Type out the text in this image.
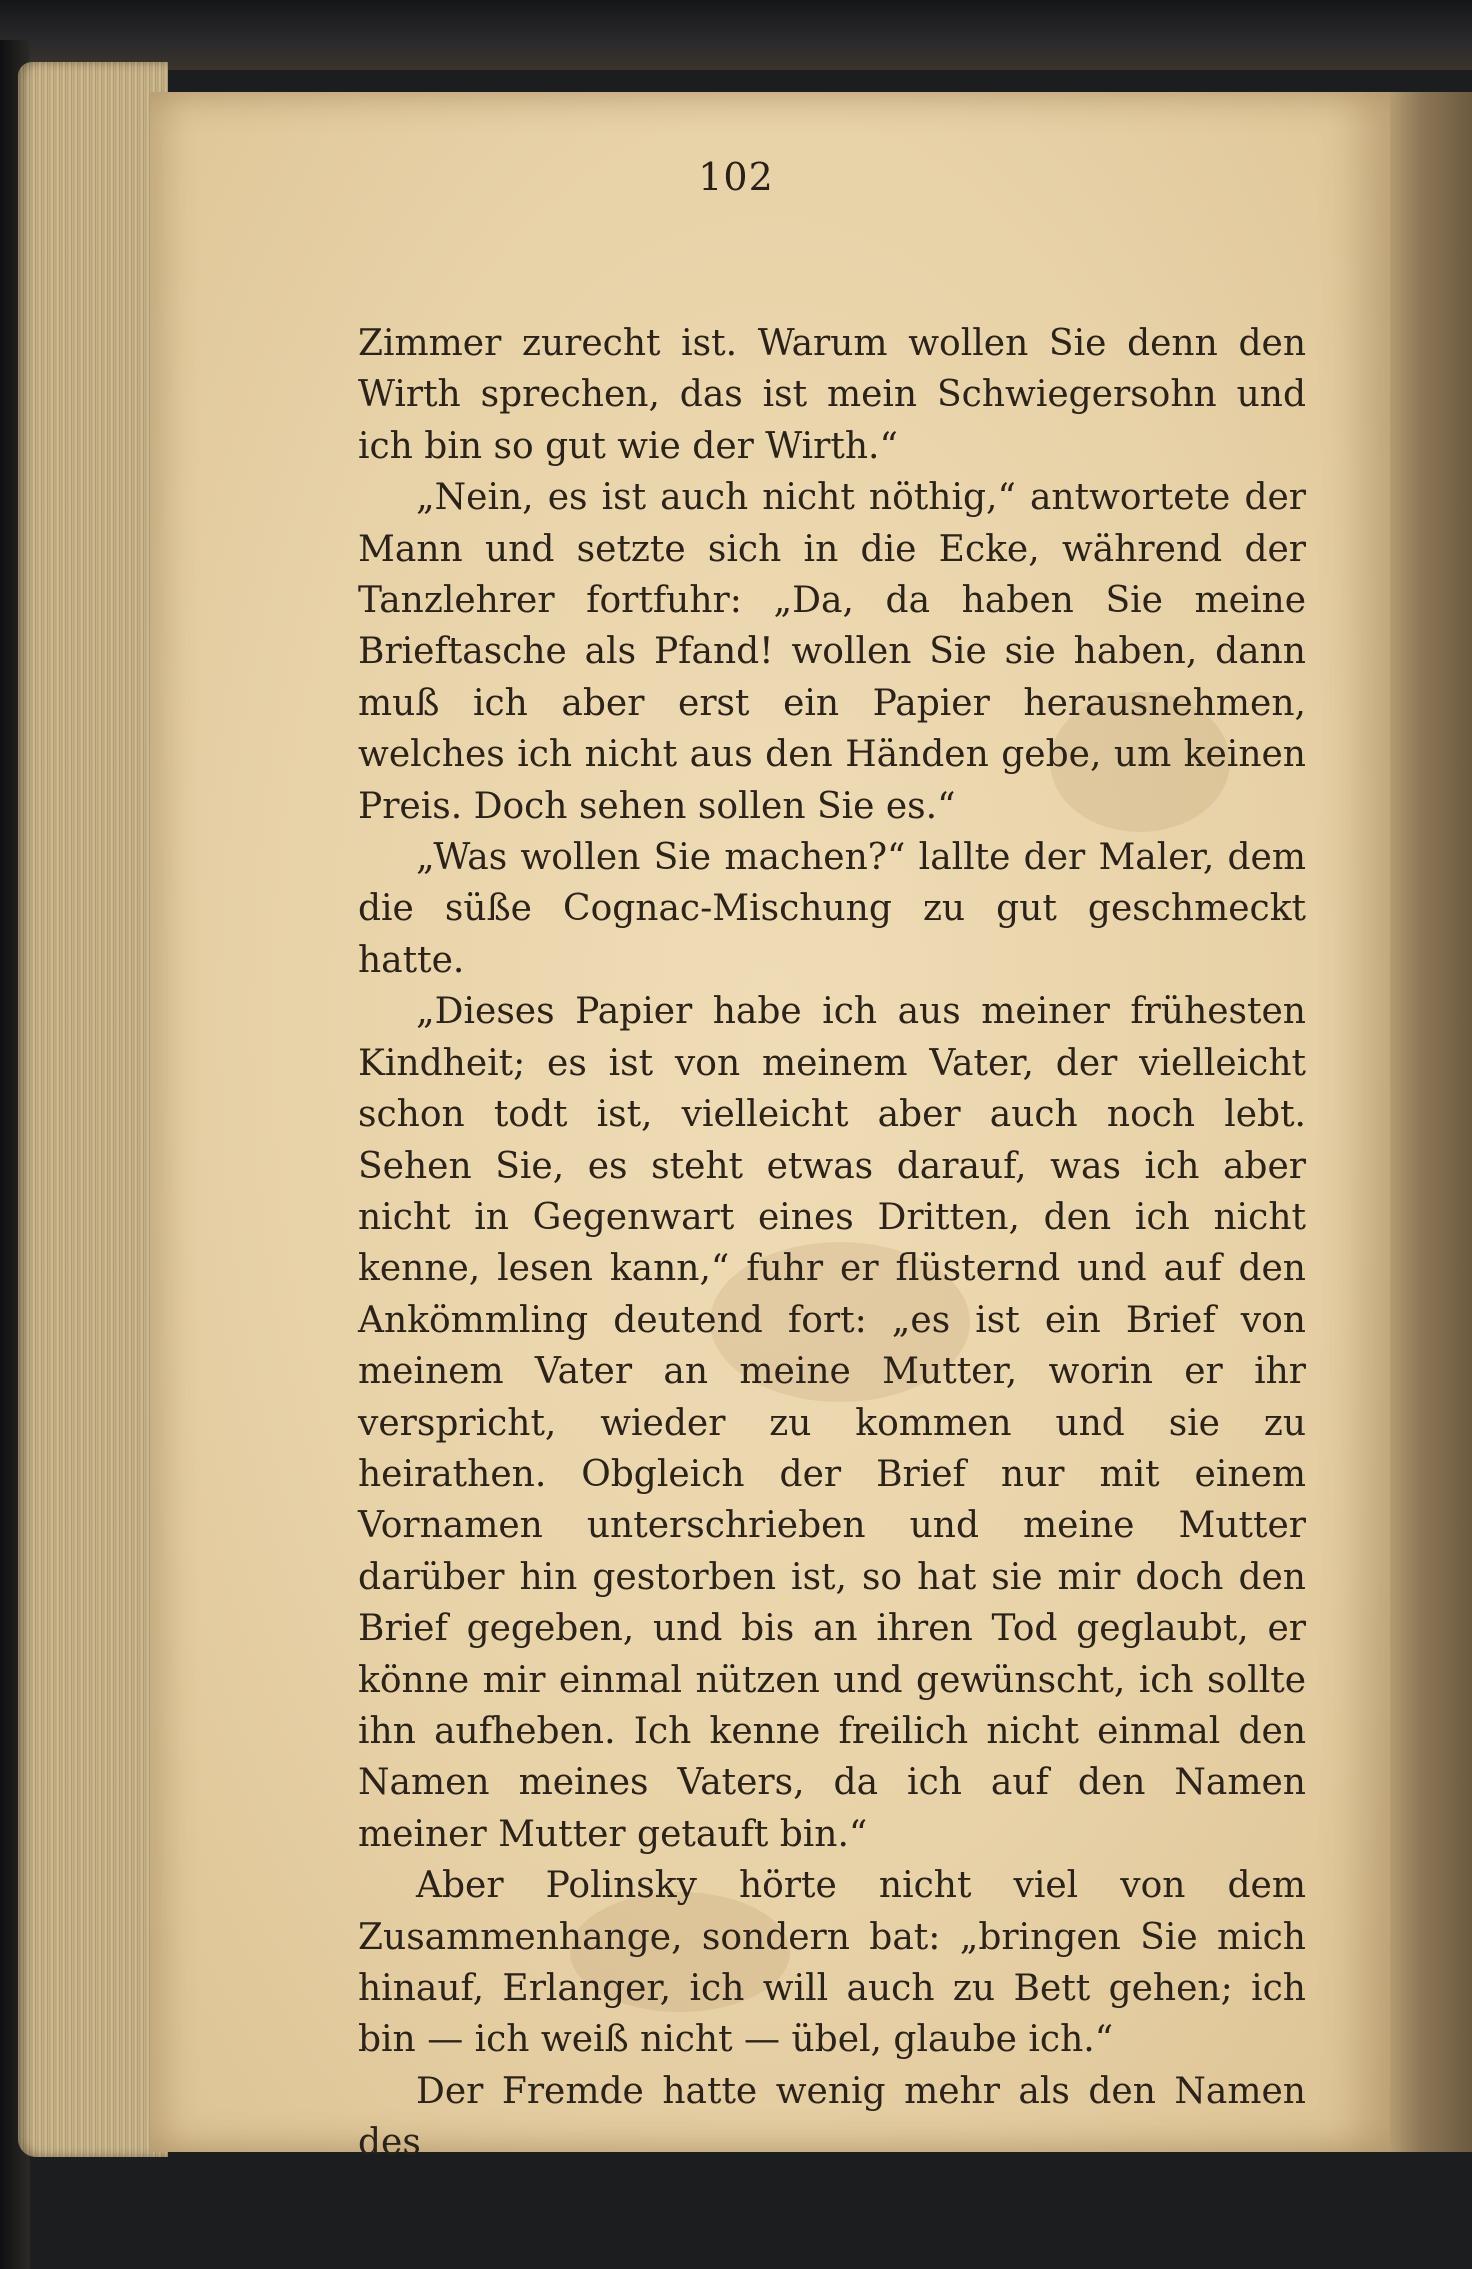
102

Zimmer zurecht ist. Warum wollen Sie denn den Wirth sprechen, das ist mein Schwiegersohn und ich bin so gut wie der Wirth.“

„Nein, es ist auch nicht nöthig,“ antwortete der Mann und setzte sich in die Ecke, während der Tanzlehrer fortfuhr: „Da, da haben Sie meine Brieftasche als Pfand! wollen Sie sie haben, dann muß ich aber erst ein Papier herausnehmen, welches ich nicht aus den Händen gebe, um keinen Preis. Doch sehen sollen Sie es.“

„Was wollen Sie machen?“ lallte der Maler, dem die süße Cognac-Mischung zu gut geschmeckt hatte.

„Dieses Papier habe ich aus meiner frühesten Kindheit; es ist von meinem Vater, der vielleicht schon todt ist, vielleicht aber auch noch lebt. Sehen Sie, es steht etwas darauf, was ich aber nicht in Gegenwart eines Dritten, den ich nicht kenne, lesen kann,“ fuhr er flüsternd und auf den Ankömmling deutend fort: „es ist ein Brief von meinem Vater an meine Mutter, worin er ihr verspricht, wieder zu kommen und sie zu heirathen. Obgleich der Brief nur mit einem Vornamen unterschrieben und meine Mutter darüber hin gestorben ist, so hat sie mir doch den Brief gegeben, und bis an ihren Tod geglaubt, er könne mir einmal nützen und gewünscht, ich sollte ihn aufheben. Ich kenne freilich nicht einmal den Namen meines Vaters, da ich auf den Namen meiner Mutter getauft bin.“

Aber Polinsky hörte nicht viel von dem Zusammenhange, sondern bat: „bringen Sie mich hinauf, Erlanger, ich will auch zu Bett gehen; ich bin — ich weiß nicht — übel, glaube ich.“

Der Fremde hatte wenig mehr als den Namen des
